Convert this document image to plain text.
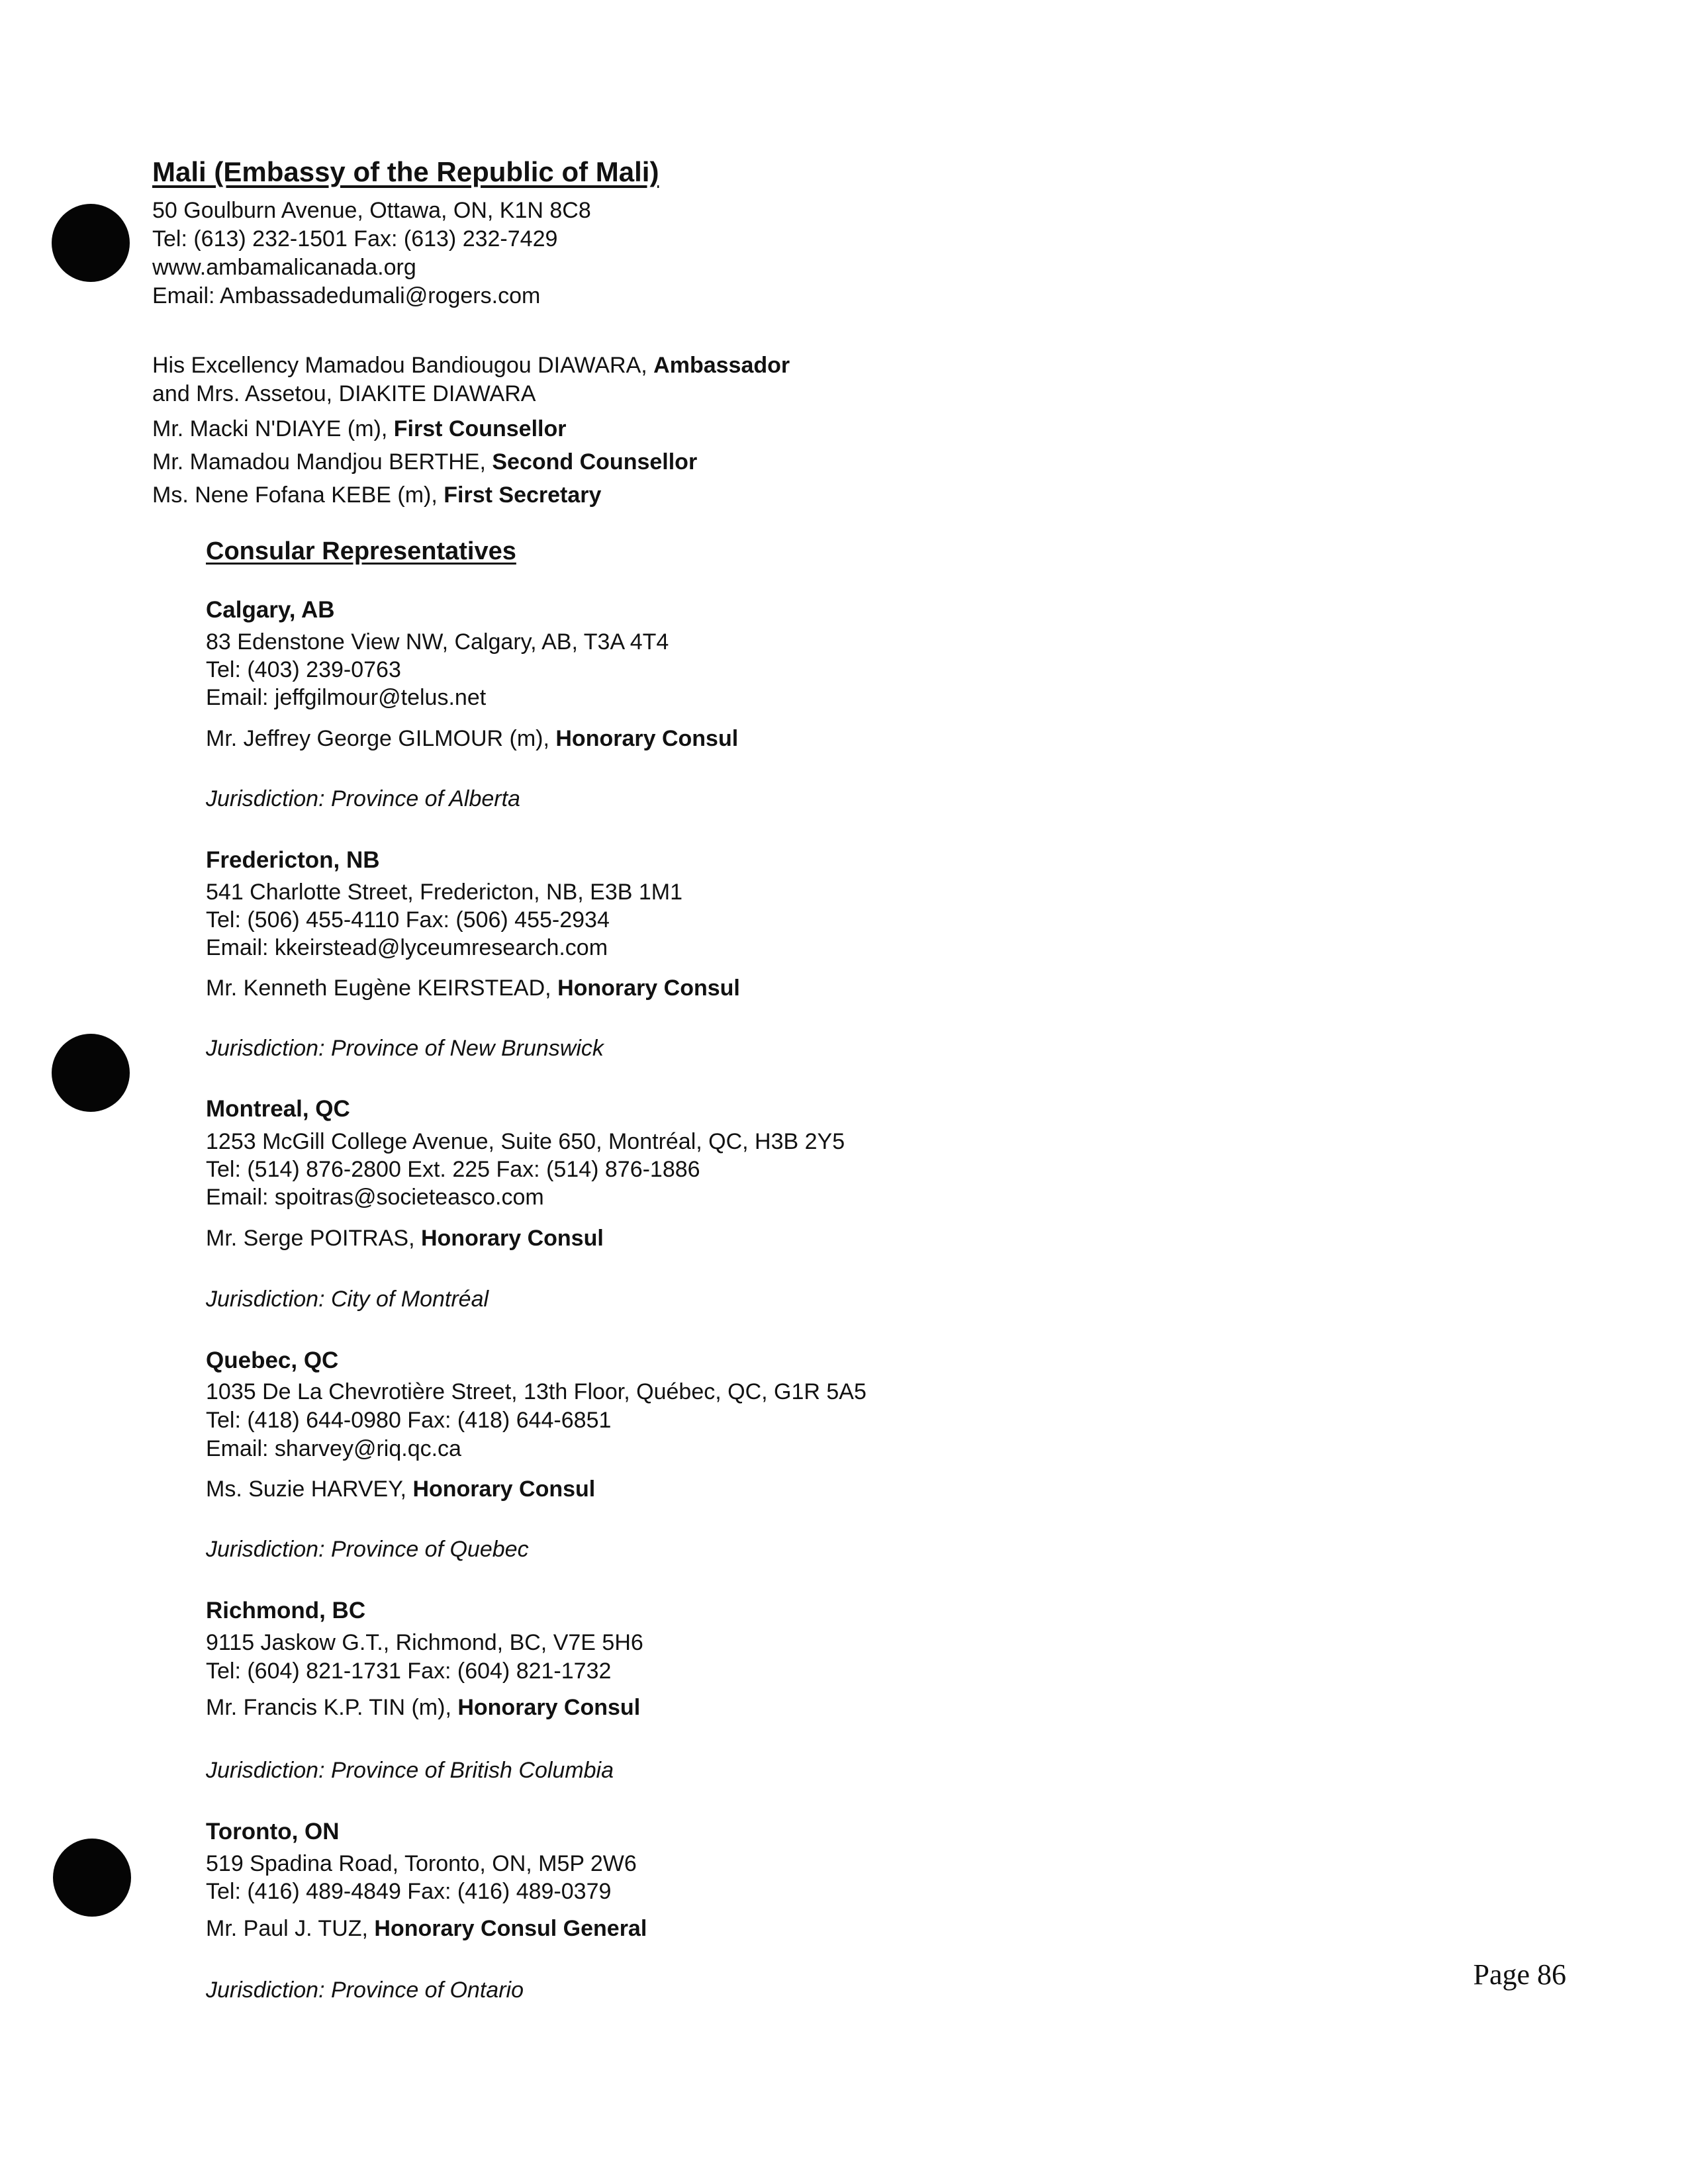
Mali (Embassy of the Republic of Mali)

50 Goulburn Avenue, Ottawa, ON, K1N 8C8

Tel: (613) 232-1501 Fax: (613) 232-7429

www.ambamalicanada.org

Email: Ambassadedumali@rogers.com

His Excellency Mamadou Bandiougou DIAWARA, Ambassador

and Mrs. Assetou, DIAKITE DIAWARA

Mr. Macki N'DIAYE (m), First Counsellor

Mr. Mamadou Mandjou BERTHE, Second Counsellor

Ms. Nene Fofana KEBE (m), First Secretary

Consular Representatives

Calgary, AB

83 Edenstone View NW, Calgary, AB, T3A 4T4

Tel: (403) 239-0763

Email: jeffgilmour@telus.net

Mr. Jeffrey George GILMOUR (m), Honorary Consul

Jurisdiction: Province of Alberta

Fredericton, NB

541 Charlotte Street, Fredericton, NB, E3B 1M1

Tel: (506) 455-4110 Fax: (506) 455-2934

Email: kkeirstead@lyceumresearch.com

Mr. Kenneth Eugène KEIRSTEAD, Honorary Consul

Jurisdiction: Province of New Brunswick

Montreal, QC

1253 McGill College Avenue, Suite 650, Montréal, QC, H3B 2Y5

Tel: (514) 876-2800 Ext. 225 Fax: (514) 876-1886

Email: spoitras@societeasco.com

Mr. Serge POITRAS, Honorary Consul

Jurisdiction: City of Montréal

Quebec, QC

1035 De La Chevrotière Street, 13th Floor, Québec, QC, G1R 5A5

Tel: (418) 644-0980 Fax: (418) 644-6851

Email: sharvey@riq.qc.ca

Ms. Suzie HARVEY, Honorary Consul

Jurisdiction: Province of Quebec

Richmond, BC

9115 Jaskow G.T., Richmond, BC, V7E 5H6

Tel: (604) 821-1731 Fax: (604) 821-1732

Mr. Francis K.P. TIN (m), Honorary Consul

Jurisdiction: Province of British Columbia

Toronto, ON

519 Spadina Road, Toronto, ON, M5P 2W6

Tel: (416) 489-4849 Fax: (416) 489-0379

Mr. Paul J. TUZ, Honorary Consul General

Jurisdiction: Province of Ontario	Page 86
